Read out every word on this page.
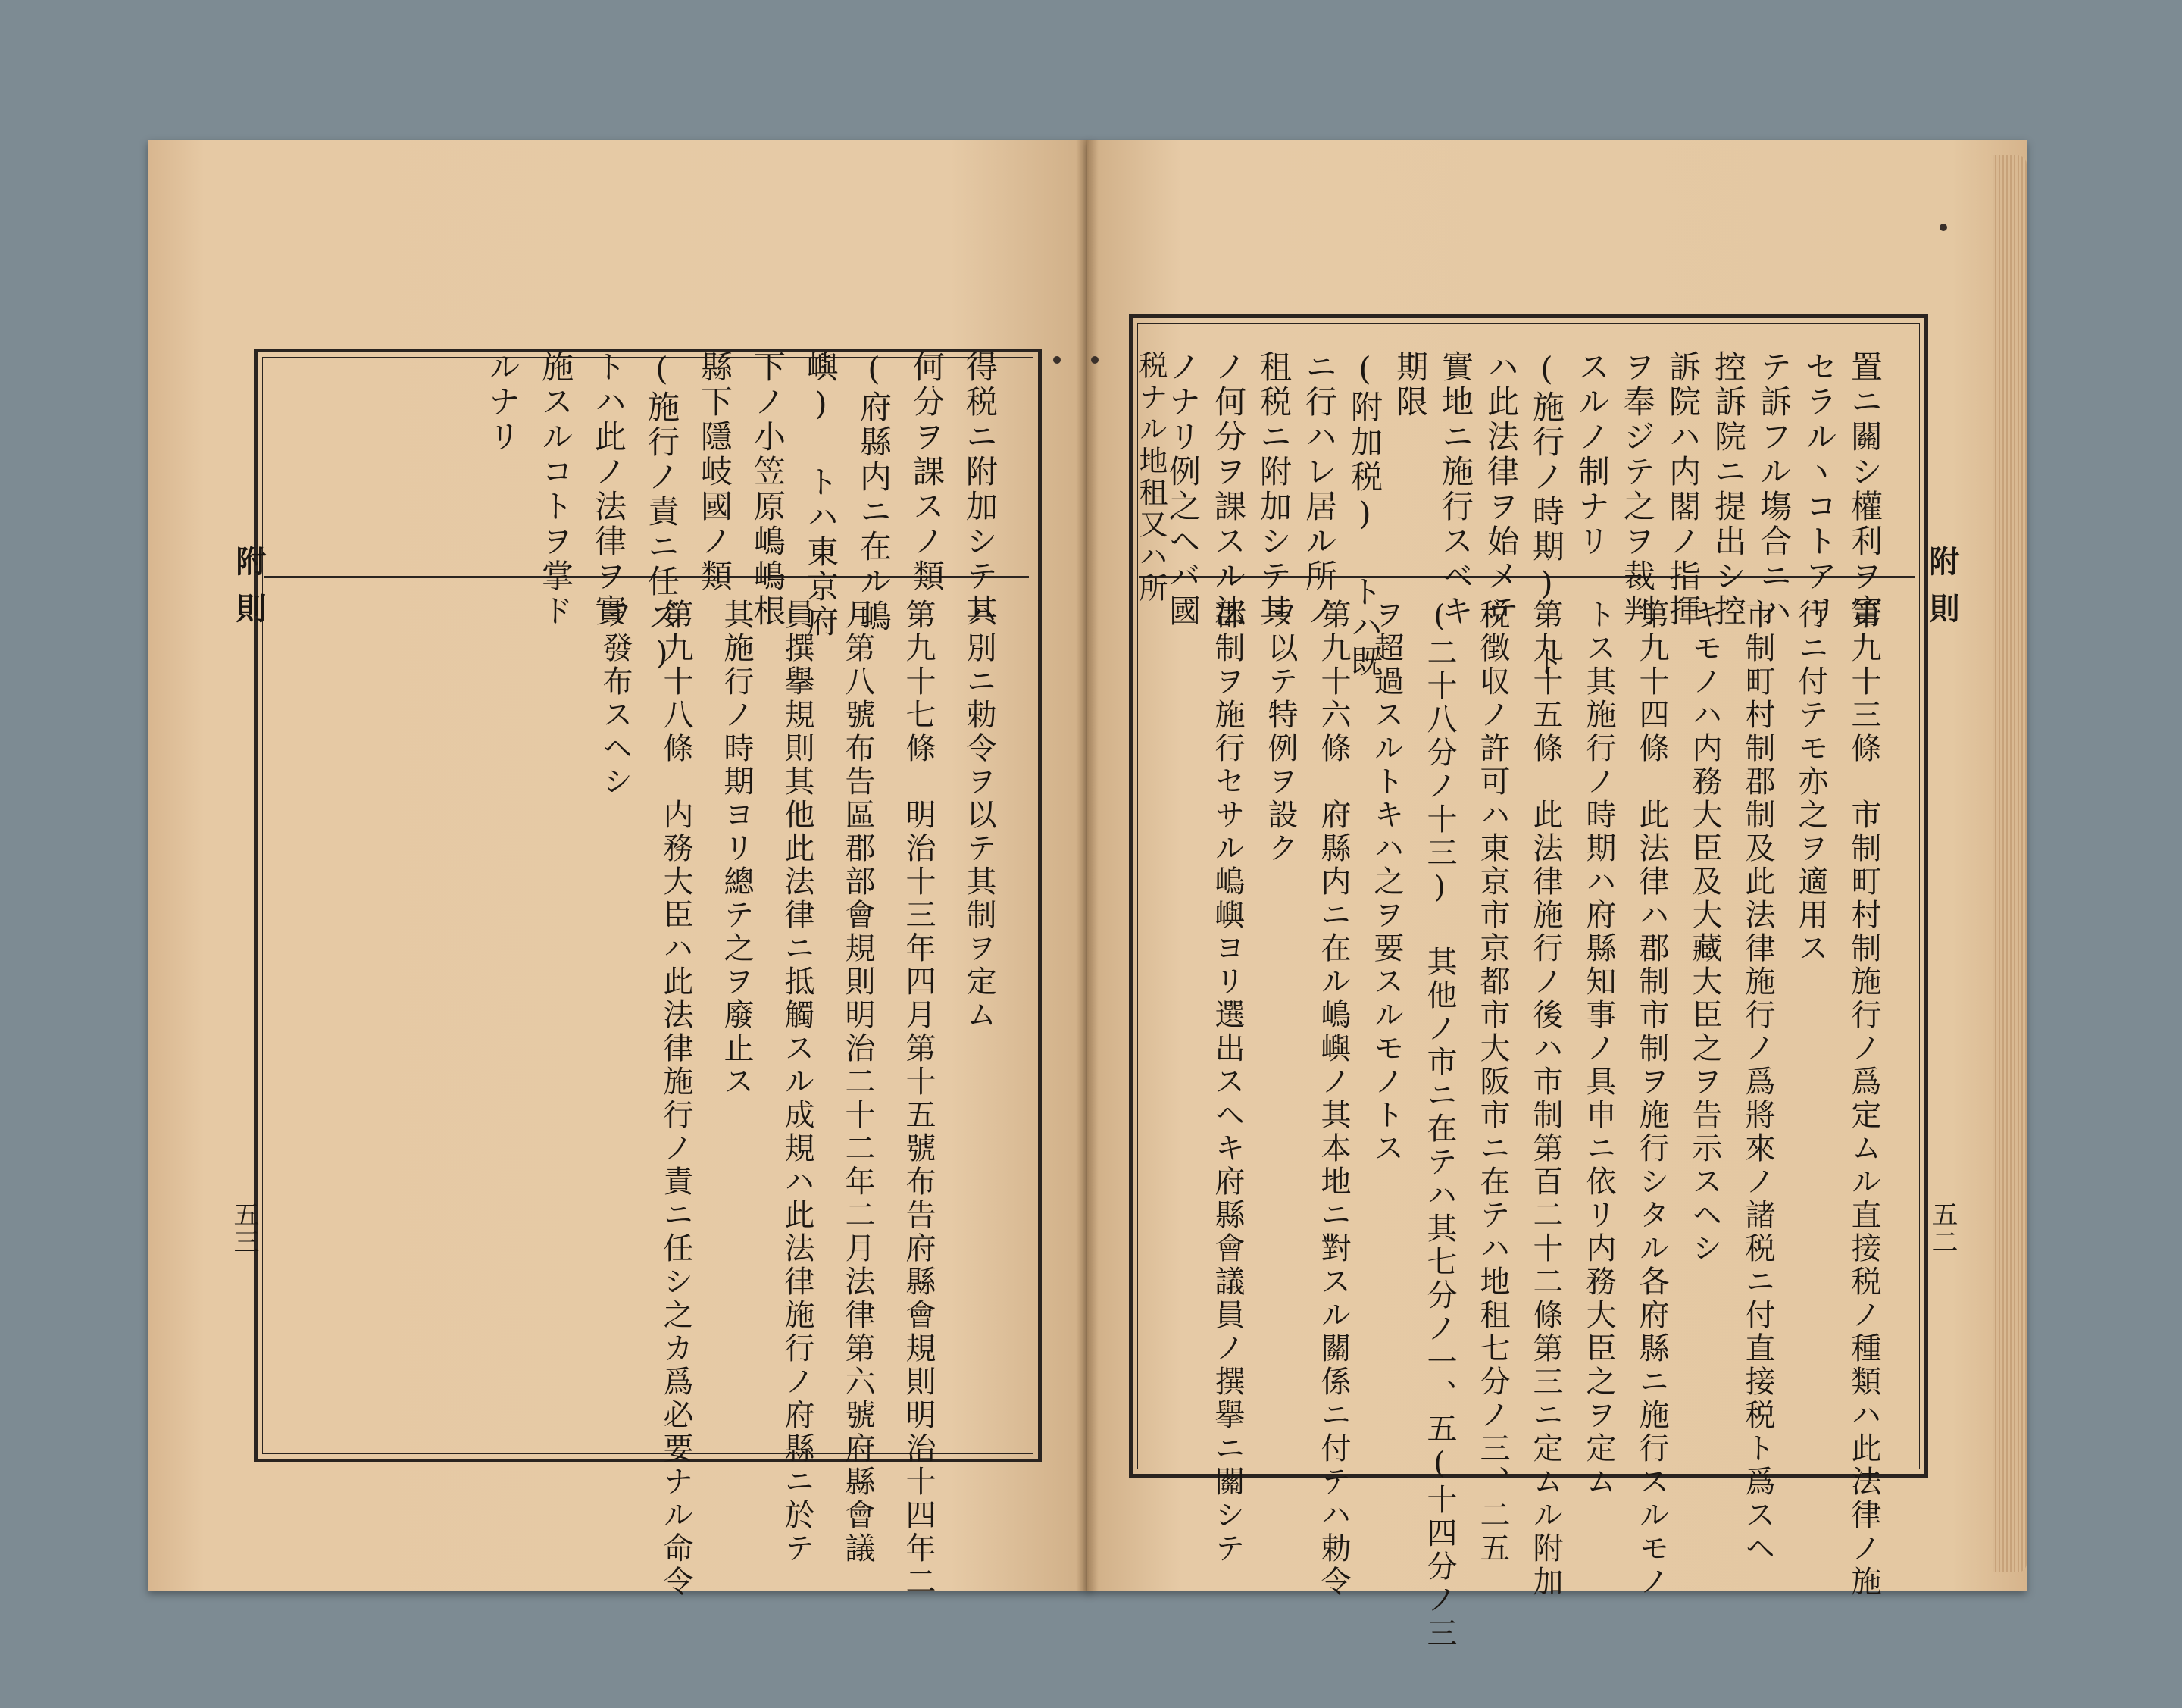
附則
五三
附則
五二
得税ニ附加シテ其
何分ヲ課スノ類
(府縣内ニ在ル嶋
嶼) トハ東京府
下ノ小笠原嶋嶋根
縣下隱岐國ノ類
(施行ノ責ニ任ズ)
トハ此ノ法律ヲ實
施スルコトヲ掌ド
ルナリ
ハ別ニ勅令ヲ以テ其制ヲ定ム
第九十七條　明治十三年四月第十五號布告府縣會規則明治十四年二
月第八號布告區郡部會規則明治二十二年二月法律第六號府縣會議
員撰擧規則其他此法律ニ抵觸スル成規ハ此法律施行ノ府縣ニ於テ
其施行ノ時期ヨリ總テ之ヲ廢止ス
第九十八條　内務大臣ハ此法律施行ノ責ニ任シ之カ爲必要ナル命令
ヲ發布スヘシ
置ニ關シ權利ヲ害
セラルヽコトアリ
テ訴フル塲合ニハ
控訴院ニ提出シ控
訴院ハ内閣ノ指揮
ヲ奉ジテ之ヲ裁判
スルノ制ナリ
(施行ノ時期) ト
ハ此法律ヲ始メテ
實地ニ施行スベキ
期限
(附加税) トハ既
ニ行ハレ居ル所ノ
租税ニ附加シテ其
ノ何分ヲ課スル法
ノナリ例之ヘバ國
税ナル地租又ハ所
第九十三條　市制町村制施行ノ爲定ムル直接税ノ種類ハ此法律ノ施
行ニ付テモ亦之ヲ適用ス
市制町村制郡制及此法律施行ノ爲將來ノ諸税ニ付直接税ト爲スヘ
キモノハ内務大臣及大藏大臣之ヲ告示スヘシ
第九十四條　此法律ハ郡制市制ヲ施行シタル各府縣ニ施行スルモノ
トス其施行ノ時期ハ府縣知事ノ具申ニ依リ内務大臣之ヲ定ム
第九十五條　此法律施行ノ後ハ市制第百二十二條第三ニ定ムル附加
税徴収ノ許可ハ東京市京都市大阪市ニ在テハ地租七分ノ三、二五
(二十八分ノ十三) 其他ノ市ニ在テハ其七分ノ一、五(十四分ノ三
ヲ超過スルトキハ之ヲ要スルモノトス
第九十六條　府縣内ニ在ル嶋嶼ノ其本地ニ對スル關係ニ付テハ勅令
ヲ以テ特例ヲ設ク
郡制ヲ施行セサル嶋嶼ヨリ選出スヘキ府縣會議員ノ撰擧ニ關シテ
